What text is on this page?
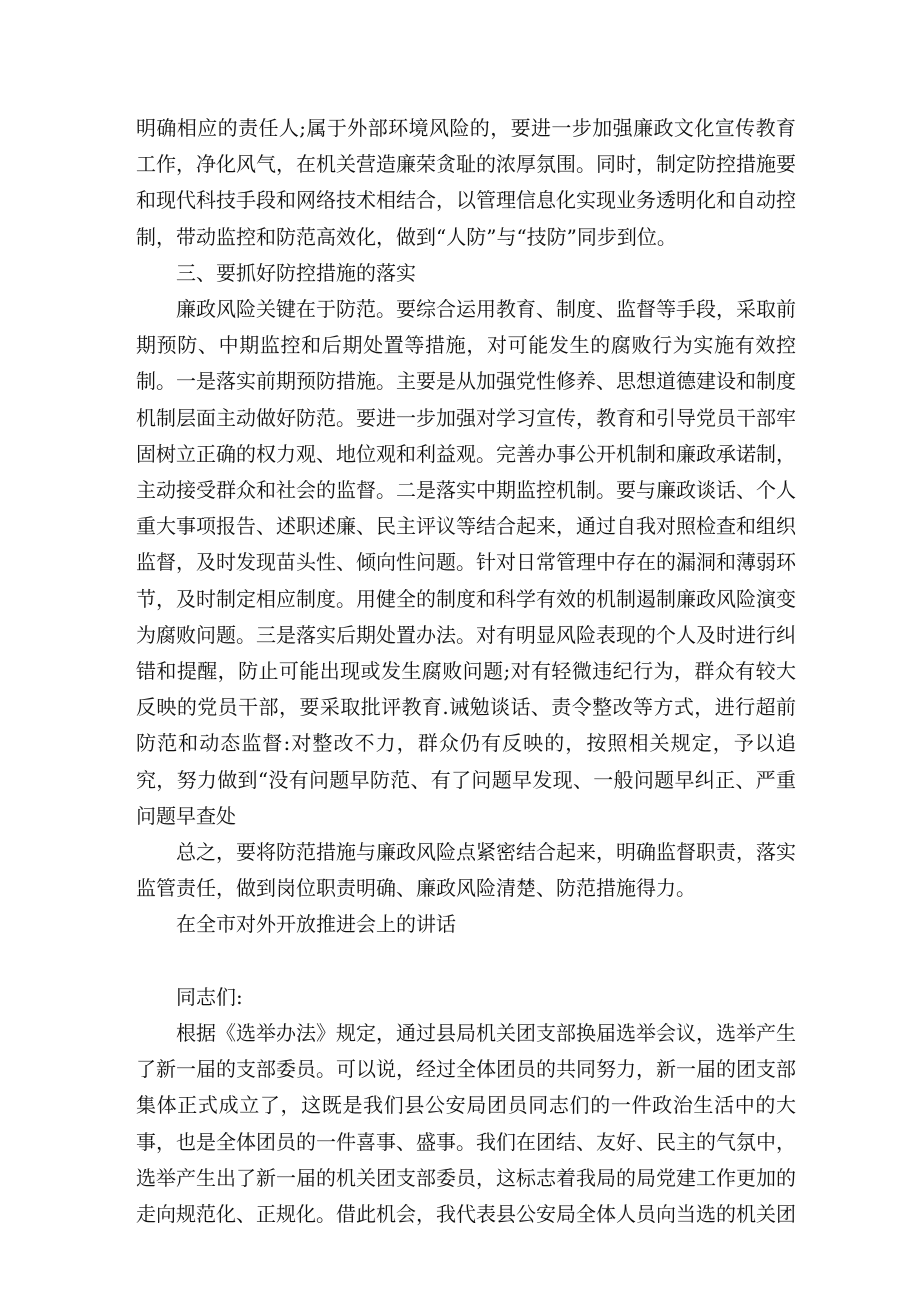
明确相应的责任人;属于外部环境风险的，要进一步加强廉政文化宣传教育工作，净化风气，在机关营造廉荣贪耻的浓厚氛围。同时，制定防控措施要和现代科技手段和网络技术相结合，以管理信息化实现业务透明化和自动控制，带动监控和防范高效化，做到“人防”与“技防”同步到位。

三、要抓好防控措施的落实

廉政风险关键在于防范。要综合运用教育、制度、监督等手段，采取前期预防、中期监控和后期处置等措施，对可能发生的腐败行为实施有效控制。一是落实前期预防措施。主要是从加强党性修养、思想道德建设和制度机制层面主动做好防范。要进一步加强对学习宣传，教育和引导党员干部牢固树立正确的权力观、地位观和利益观。完善办事公开机制和廉政承诺制，主动接受群众和社会的监督。二是落实中期监控机制。要与廉政谈话、个人重大事项报告、述职述廉、民主评议等结合起来，通过自我对照检查和组织监督，及时发现苗头性、倾向性问题。针对日常管理中存在的漏洞和薄弱环节，及时制定相应制度。用健全的制度和科学有效的机制遏制廉政风险演变为腐败问题。三是落实后期处置办法。对有明显风险表现的个人及时进行纠错和提醒，防止可能出现或发生腐败问题;对有轻微违纪行为，群众有较大反映的党员干部，要采取批评教育.诫勉谈话、责令整改等方式，进行超前防范和动态监督:对整改不力，群众仍有反映的，按照相关规定，予以追究，努力做到“没有问题早防范、有了问题早发现、一般问题早纠正、严重问题早查处

总之，要将防范措施与廉政风险点紧密结合起来，明确监督职责，落实监管责任，做到岗位职责明确、廉政风险清楚、防范措施得力。

在全市对外开放推进会上的讲话

同志们:

根据《选举办法》规定，通过县局机关团支部换届选举会议，选举产生了新一届的支部委员。可以说，经过全体团员的共同努力，新一届的团支部集体正式成立了，这既是我们县公安局团员同志们的一件政治生活中的大事，也是全体团员的一件喜事、盛事。我们在团结、友好、民主的气氛中，选举产生出了新一届的机关团支部委员，这标志着我局的局党建工作更加的走向规范化、正规化。借此机会，我代表县公安局全体人员向当选的机关团
